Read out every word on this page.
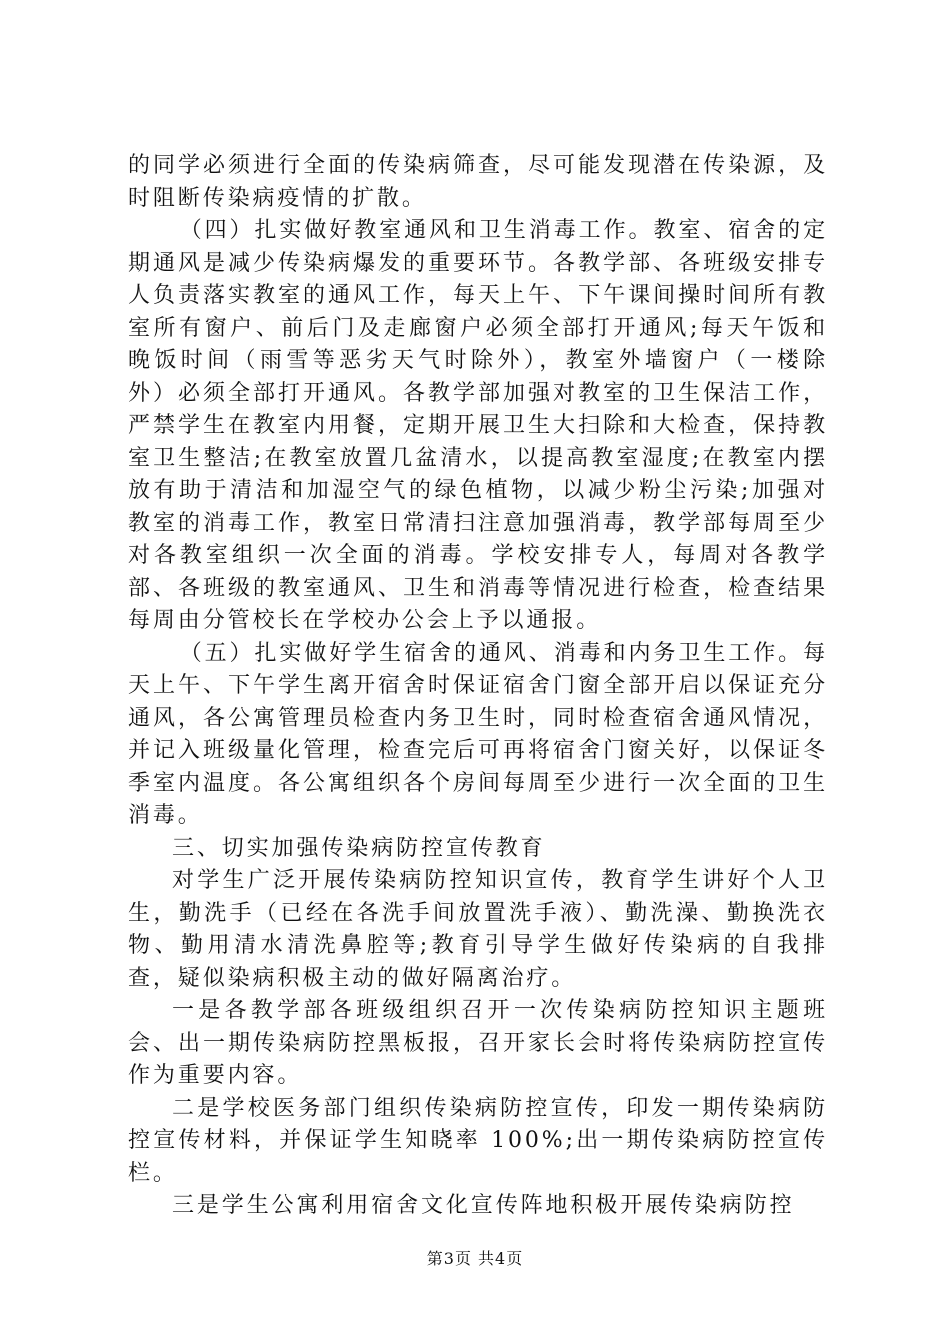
的同学必须进行全面的传染病筛查，尽可能发现潜在传染源，及时阻断传染病疫情的扩散。

（四）扎实做好教室通风和卫生消毒工作。教室、宿舍的定期通风是减少传染病爆发的重要环节。各教学部、各班级安排专人负责落实教室的通风工作，每天上午、下午课间操时间所有教室所有窗户、前后门及走廊窗户必须全部打开通风;每天午饭和晚饭时间（雨雪等恶劣天气时除外），教室外墙窗户（一楼除外）必须全部打开通风。各教学部加强对教室的卫生保洁工作，严禁学生在教室内用餐，定期开展卫生大扫除和大检查，保持教室卫生整洁;在教室放置几盆清水，以提高教室湿度;在教室内摆放有助于清洁和加湿空气的绿色植物，以减少粉尘污染;加强对教室的消毒工作，教室日常清扫注意加强消毒，教学部每周至少对各教室组织一次全面的消毒。学校安排专人，每周对各教学部、各班级的教室通风、卫生和消毒等情况进行检查，检查结果每周由分管校长在学校办公会上予以通报。

（五）扎实做好学生宿舍的通风、消毒和内务卫生工作。每天上午、下午学生离开宿舍时保证宿舍门窗全部开启以保证充分通风，各公寓管理员检查内务卫生时，同时检查宿舍通风情况，并记入班级量化管理，检查完后可再将宿舍门窗关好，以保证冬季室内温度。各公寓组织各个房间每周至少进行一次全面的卫生消毒。

三、切实加强传染病防控宣传教育

对学生广泛开展传染病防控知识宣传，教育学生讲好个人卫生，勤洗手（已经在各洗手间放置洗手液）、勤洗澡、勤换洗衣物、勤用清水清洗鼻腔等;教育引导学生做好传染病的自我排查，疑似染病积极主动的做好隔离治疗。

一是各教学部各班级组织召开一次传染病防控知识主题班会、出一期传染病防控黑板报，召开家长会时将传染病防控宣传作为重要内容。

二是学校医务部门组织传染病防控宣传，印发一期传染病防控宣传材料，并保证学生知晓率 100%;出一期传染病防控宣传栏。

三是学生公寓利用宿舍文化宣传阵地积极开展传染病防控

第3页 共4页
